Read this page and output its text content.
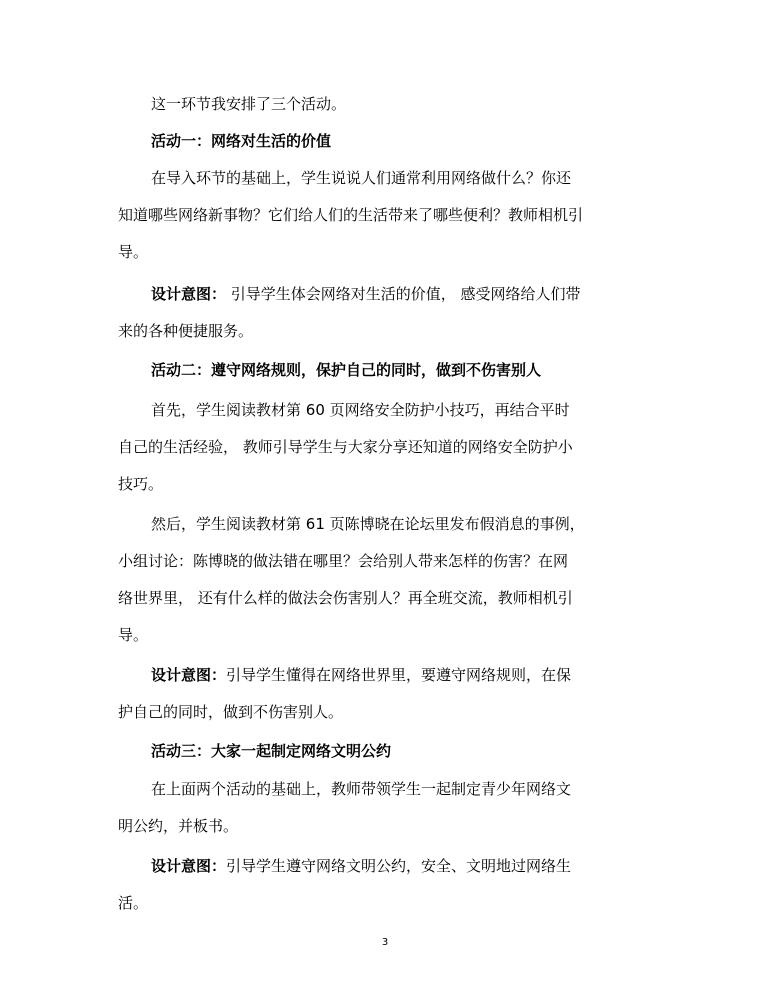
这一环节我安排了三个活动。
活动一：网络对生活的价值
在导入环节的基础上，学生说说人们通常利用网络做什么？你还
知道哪些网络新事物？它们给人们的生活带来了哪些便利？教师相机引
导。
设计意图： 引导学生体会网络对生活的价值， 感受网络给人们带
来的各种便捷服务。
活动二：遵守网络规则，保护自己的同时，做到不伤害别人
首先，学生阅读教材第 60 页网络安全防护小技巧，再结合平时
自己的生活经验， 教师引导学生与大家分享还知道的网络安全防护小
技巧。
然后，学生阅读教材第 61 页陈博晓在论坛里发布假消息的事例，
小组讨论：陈博晓的做法错在哪里？会给别人带来怎样的伤害？在网
络世界里， 还有什么样的做法会伤害别人？再全班交流，教师相机引
导。
设计意图：引导学生懂得在网络世界里，要遵守网络规则，在保
护自己的同时，做到不伤害别人。
活动三：大家一起制定网络文明公约
在上面两个活动的基础上，教师带领学生一起制定青少年网络文
明公约，并板书。
设计意图：引导学生遵守网络文明公约，安全、文明地过网络生
活。
3
